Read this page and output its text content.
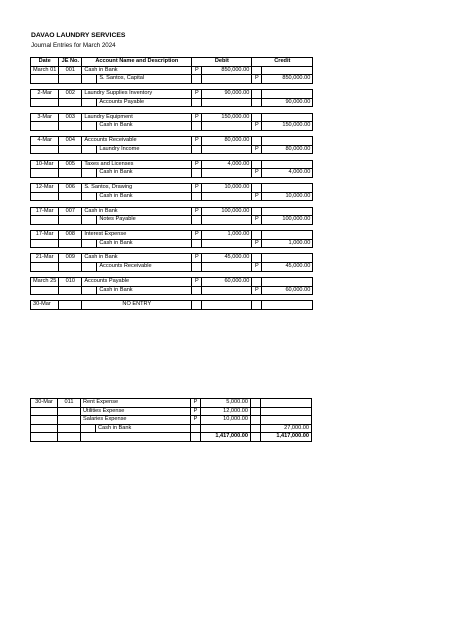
DAVAO LAUNDRY SERVICES
Journal Entries for March 2024
Date	JE No.	Account Name and Description		Debit		Credit	
March 01	001	Cash in Bank		P	850,000.00		
			S. Santos, Capital			P	850,000.00

2-Mar	002	Laundry Supplies Inventory		P	90,000.00		
			Accounts Payable				90,000.00

3-Mar	003	Laundry Equipment		P	150,000.00		
			Cash in Bank			P	150,000.00

4-Mar	004	Accounts Receivable		P	80,000.00		
			Laundry Income			P	80,000.00

10-Mar	005	Taxes and Licenses		P	4,000.00		
			Cash in Bank			P	4,000.00

12-Mar	006	S. Santos, Drawing		P	10,000.00		
			Cash in Bank			P	10,000.00

17-Mar	007	Cash in Bank		P	100,000.00		
			Notes Payable			P	100,000.00

17-Mar	008	Interest Expense		P	1,000.00		
			Cash in Bank			P	1,000.00

21-Mar	009	Cash in Bank		P	45,000.00		
			Accounts Receivable			P	45,000.00

March 25	010	Accounts Payable		P	60,000.00		
			Cash in Bank			P	60,000.00

30-Mar		NO ENTRY					
30-Mar	011	Rent Expense		P	5,000.00		
		Utilities Expense		P	12,000.00		
		Salaries Expense		P	10,000.00		
			Cash in Bank				27,000.00
					1,417,000.00		1,417,000.00
